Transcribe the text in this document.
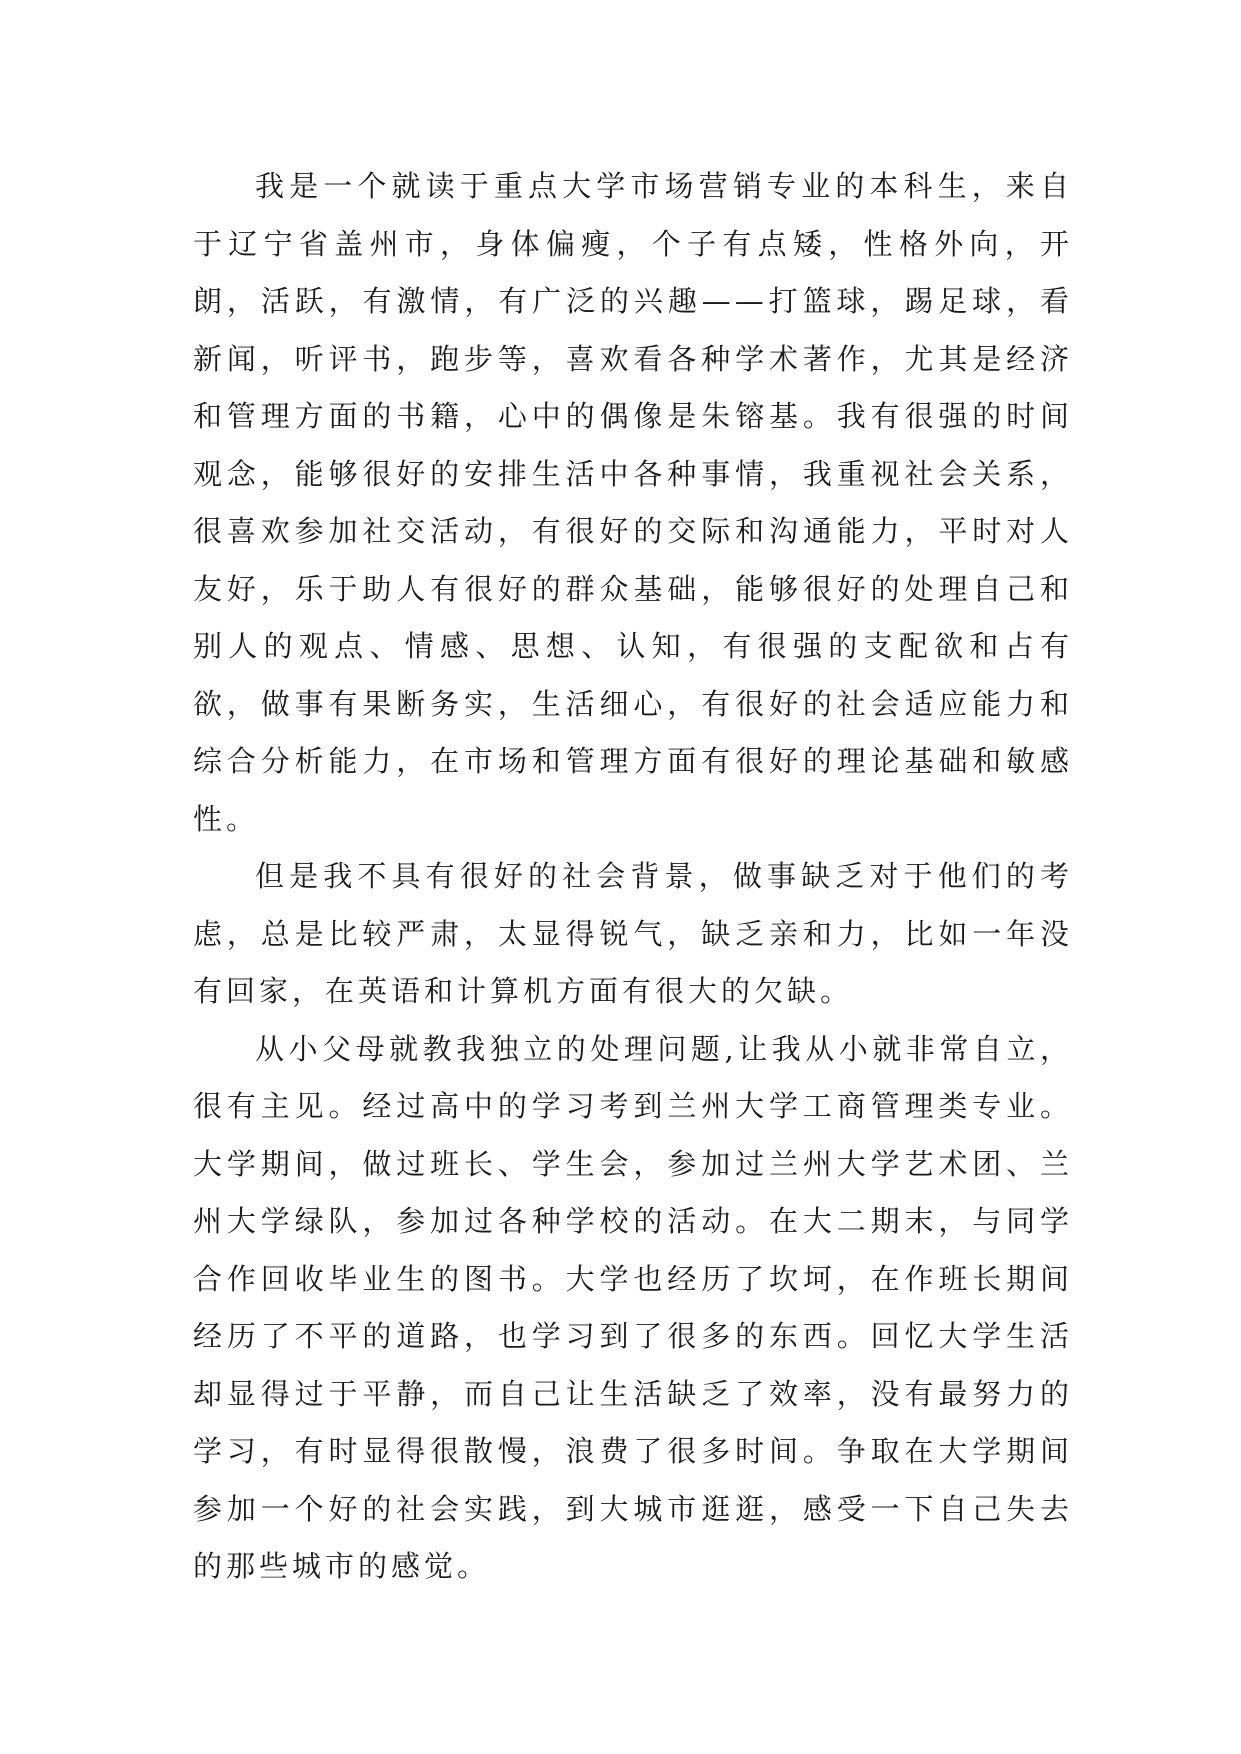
我是一个就读于重点大学市场营销专业的本科生，来自于辽宁省盖州市，身体偏瘦，个子有点矮，性格外向，开朗，活跃，有激情，有广泛的兴趣——打篮球，踢足球，看新闻，听评书，跑步等，喜欢看各种学术著作，尤其是经济和管理方面的书籍，心中的偶像是朱镕基。我有很强的时间观念，能够很好的安排生活中各种事情，我重视社会关系，很喜欢参加社交活动，有很好的交际和沟通能力，平时对人友好，乐于助人有很好的群众基础，能够很好的处理自己和别人的观点、情感、思想、认知，有很强的支配欲和占有欲，做事有果断务实，生活细心，有很好的社会适应能力和综合分析能力，在市场和管理方面有很好的理论基础和敏感性。

但是我不具有很好的社会背景，做事缺乏对于他们的考虑，总是比较严肃，太显得锐气，缺乏亲和力，比如一年没有回家，在英语和计算机方面有很大的欠缺。

从小父母就教我独立的处理问题,让我从小就非常自立，很有主见。经过高中的学习考到兰州大学工商管理类专业。大学期间，做过班长、学生会，参加过兰州大学艺术团、兰州大学绿队，参加过各种学校的活动。在大二期末，与同学合作回收毕业生的图书。大学也经历了坎坷，在作班长期间经历了不平的道路，也学习到了很多的东西。回忆大学生活却显得过于平静，而自己让生活缺乏了效率，没有最努力的学习，有时显得很散慢，浪费了很多时间。争取在大学期间参加一个好的社会实践，到大城市逛逛，感受一下自己失去的那些城市的感觉。
